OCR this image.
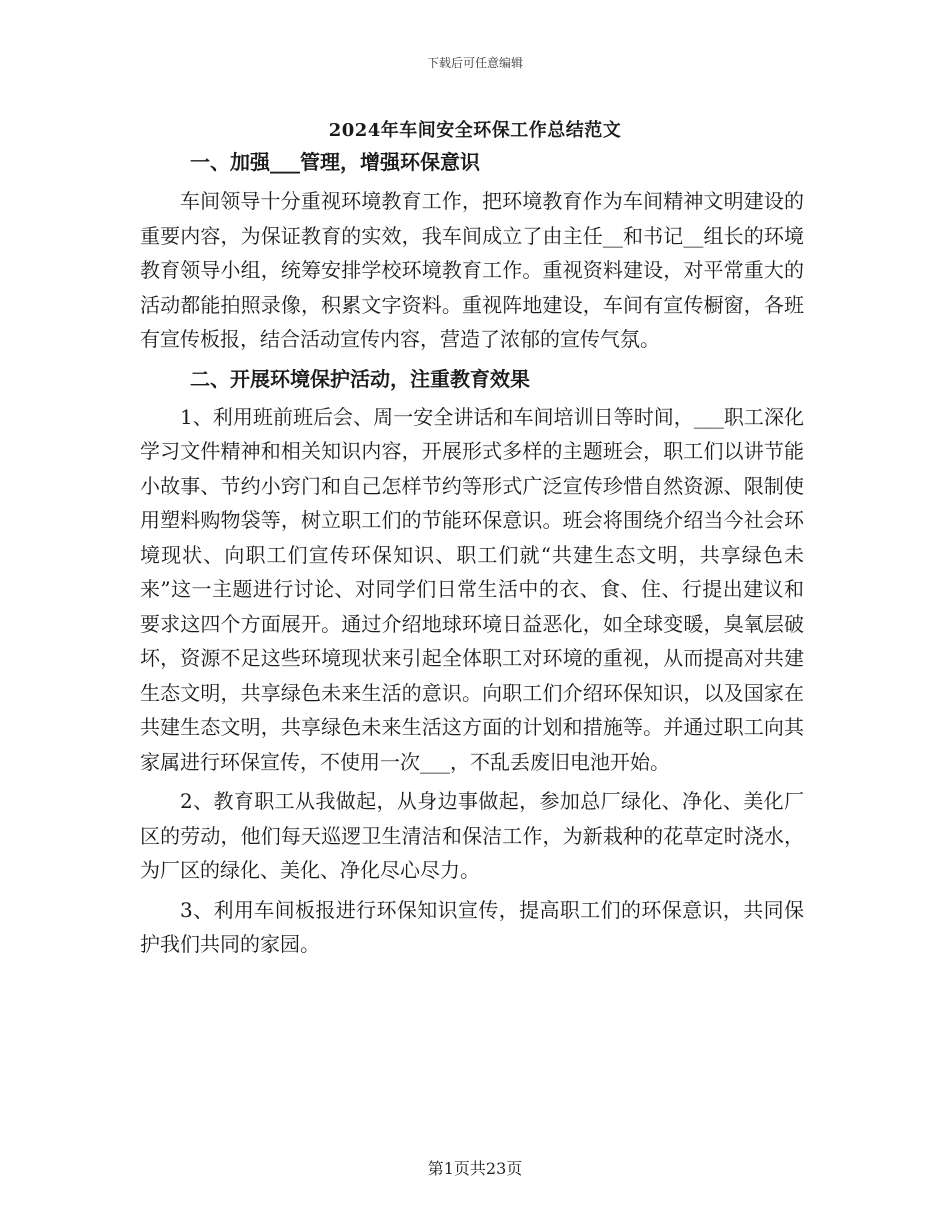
下载后可任意编辑
2024年车间安全环保工作总结范文

一、加强___管理，增强环保意识

车间领导十分重视环境教育工作，把环境教育作为车间精神文明建设的重要内容，为保证教育的实效，我车间成立了由主任__和书记__组长的环境教育领导小组，统筹安排学校环境教育工作。重视资料建设，对平常重大的活动都能拍照录像，积累文字资料。重视阵地建设，车间有宣传橱窗，各班有宣传板报，结合活动宣传内容，营造了浓郁的宣传气氛。

二、开展环境保护活动，注重教育效果

1、利用班前班后会、周一安全讲话和车间培训日等时间，___职工深化学习文件精神和相关知识内容，开展形式多样的主题班会，职工们以讲节能小故事、节约小窍门和自己怎样节约等形式广泛宣传珍惜自然资源、限制使用塑料购物袋等，树立职工们的节能环保意识。班会将围绕介绍当今社会环境现状、向职工们宣传环保知识、职工们就“共建生态文明，共享绿色未来”这一主题进行讨论、对同学们日常生活中的衣、食、住、行提出建议和要求这四个方面展开。通过介绍地球环境日益恶化，如全球变暖，臭氧层破坏，资源不足这些环境现状来引起全体职工对环境的重视，从而提高对共建生态文明，共享绿色未来生活的意识。向职工们介绍环保知识，以及国家在共建生态文明，共享绿色未来生活这方面的计划和措施等。并通过职工向其家属进行环保宣传，不使用一次___，不乱丢废旧电池开始。

2、教育职工从我做起，从身边事做起，参加总厂绿化、净化、美化厂区的劳动，他们每天巡逻卫生清洁和保洁工作，为新栽种的花草定时浇水，为厂区的绿化、美化、净化尽心尽力。

3、利用车间板报进行环保知识宣传，提高职工们的环保意识，共同保护我们共同的家园。

第1页共23页
